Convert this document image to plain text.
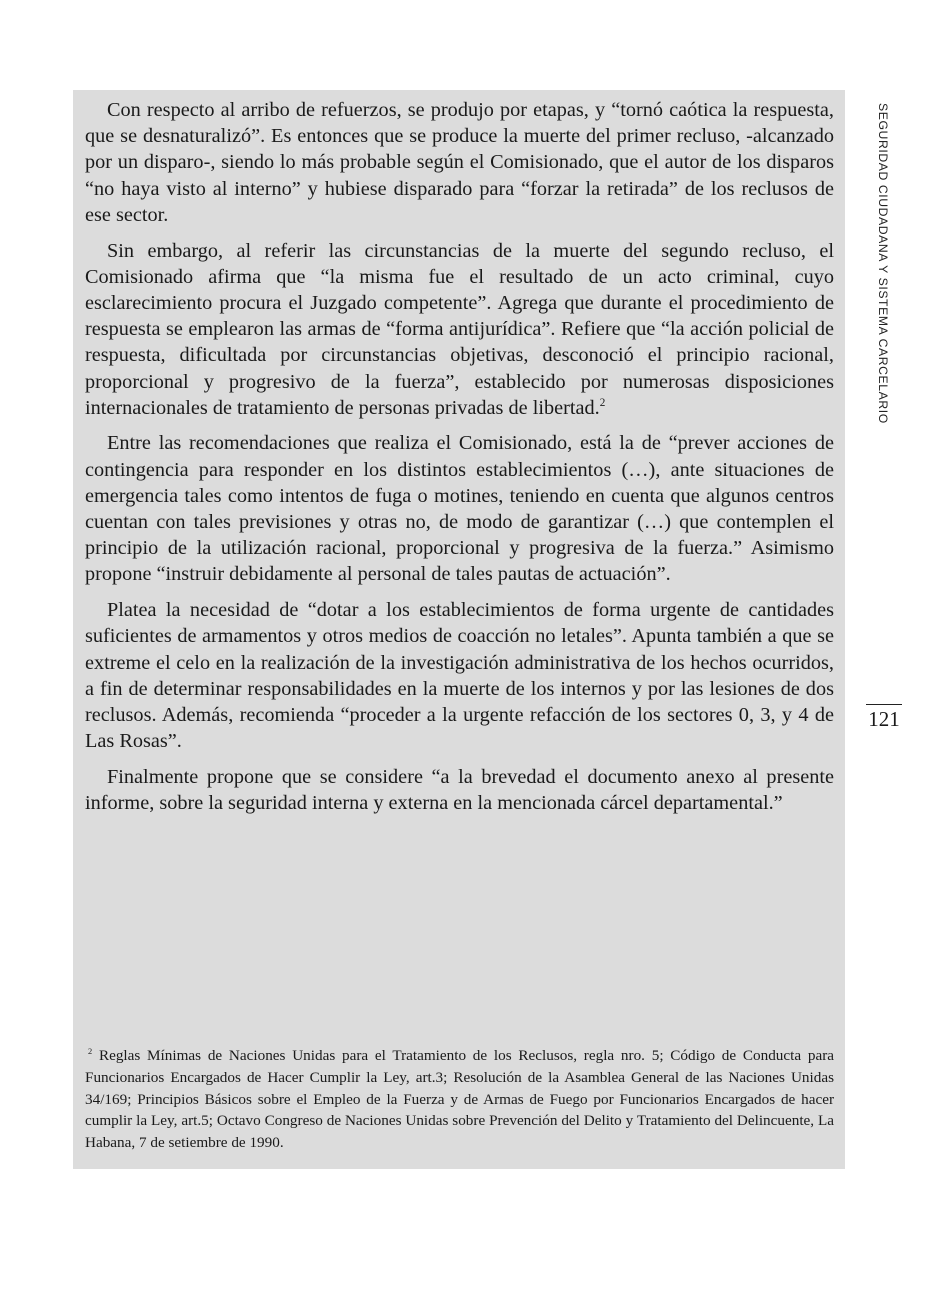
Con respecto al arribo de refuerzos, se produjo por etapas, y “tornó caótica la respuesta, que se desnaturalizó”. Es entonces que se produce la muerte del primer recluso, -alcanzado por un disparo-, siendo lo más probable según el Comisionado, que el autor de los disparos “no haya visto al interno” y hubiese disparado para “forzar la retirada” de los reclusos de ese sector.

Sin embargo, al referir las circunstancias de la muerte del segundo recluso, el Comisionado afirma que “la misma fue el resultado de un acto criminal, cuyo esclarecimiento procura el Juzgado competente”. Agrega que durante el procedimiento de respuesta se emplearon las armas de “forma antijurídica”. Refiere que “la acción policial de respuesta, dificultada por circunstancias objetivas, desconoció el principio racional, proporcional y progresivo de la fuerza”, establecido por numerosas disposiciones internacionales de tratamiento de personas privadas de libertad.$^2$

Entre las recomendaciones que realiza el Comisionado, está la de “prever acciones de contingencia para responder en los distintos establecimientos (…), ante situaciones de emergencia tales como intentos de fuga o motines, teniendo en cuenta que algunos centros cuentan con tales previsiones y otras no, de modo de garantizar (…) que contemplen el principio de la utilización racional, proporcional y progresiva de la fuerza.” Asimismo propone “instruir debidamente al personal de tales pautas de actuación”.

Platea la necesidad de “dotar a los establecimientos de forma urgente de cantidades suficientes de armamentos y otros medios de coacción no letales”. Apunta también a que se extreme el celo en la realización de la investigación administrativa de los hechos ocurridos, a fin de determinar responsabilidades en la muerte de los internos y por las lesiones de dos reclusos. Además, recomienda “proceder a la urgente refacción de los sectores 0, 3, y 4 de Las Rosas”.

Finalmente propone que se considere “a la brevedad el documento anexo al presente informe, sobre la seguridad interna y externa en la mencionada cárcel departamental.”

$^2$ Reglas Mínimas de Naciones Unidas para el Tratamiento de los Reclusos, regla nro. 5; Código de Conducta para Funcionarios Encargados de Hacer Cumplir la Ley, art.3; Resolución de la Asamblea General de las Naciones Unidas 34/169; Principios Básicos sobre el Empleo de la Fuerza y de Armas de Fuego por Funcionarios Encargados de hacer cumplir la Ley, art.5; Octavo Congreso de Naciones Unidas sobre Prevención del Delito y Tratamiento del Delincuente, La Habana, 7 de setiembre de 1990.

SEGURIDAD CIUDADANA Y SISTEMA CARCELARIO
121
